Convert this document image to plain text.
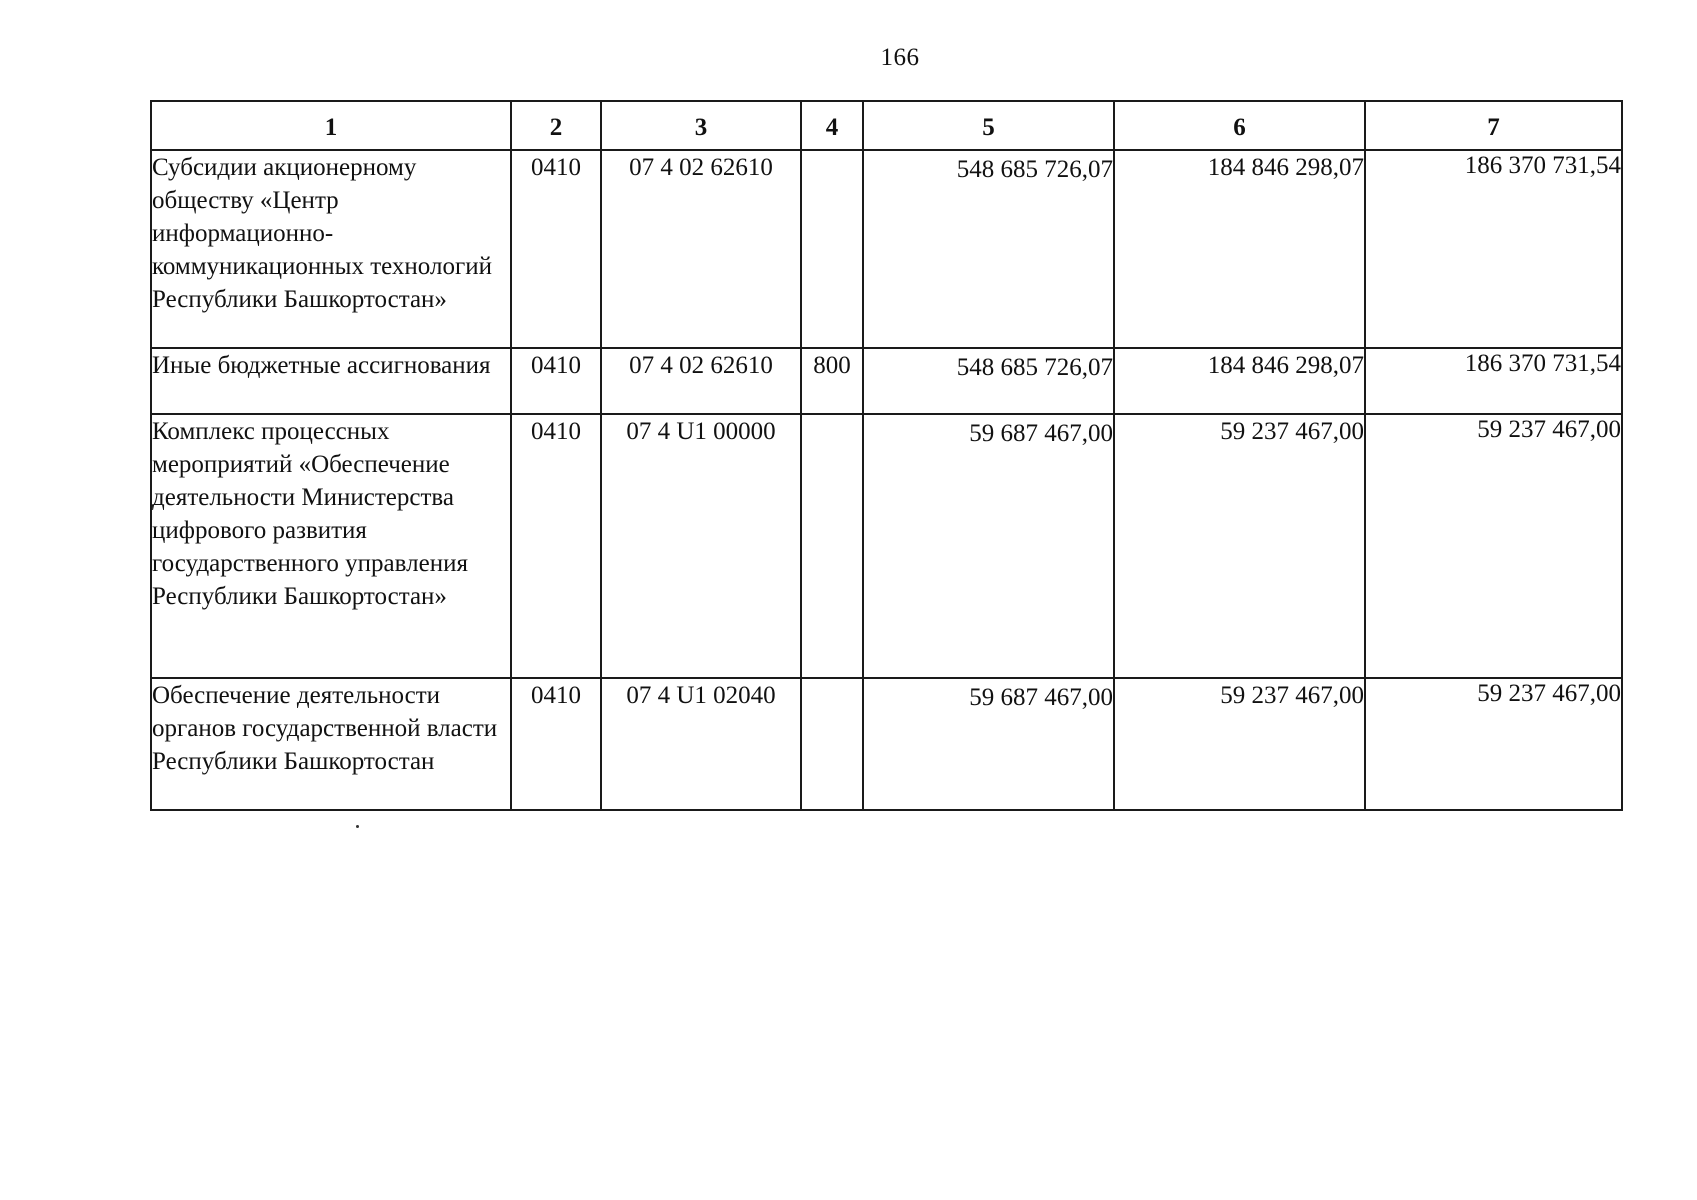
166
1	2	3	4	5	6	7
Субсидии акционерному обществу «Центр информационно-коммуникационных технологий Республики Башкортостан»	0410	07 4 02 62610		548 685 726,07	184 846 298,07	186 370 731,54

Иные бюджетные ассигнования	0410	07 4 02 62610	800	548 685 726,07	184 846 298,07	186 370 731,54

Комплекс процессных мероприятий «Обеспечение деятельности Министерства цифрового развития государственного управления Республики Башкортостан»	0410	07 4 U1 00000		59 687 467,00	59 237 467,00	59 237 467,00

Обеспечение деятельности органов государственной власти Республики Башкортостан	0410	07 4 U1 02040		59 687 467,00	59 237 467,00	59 237 467,00
